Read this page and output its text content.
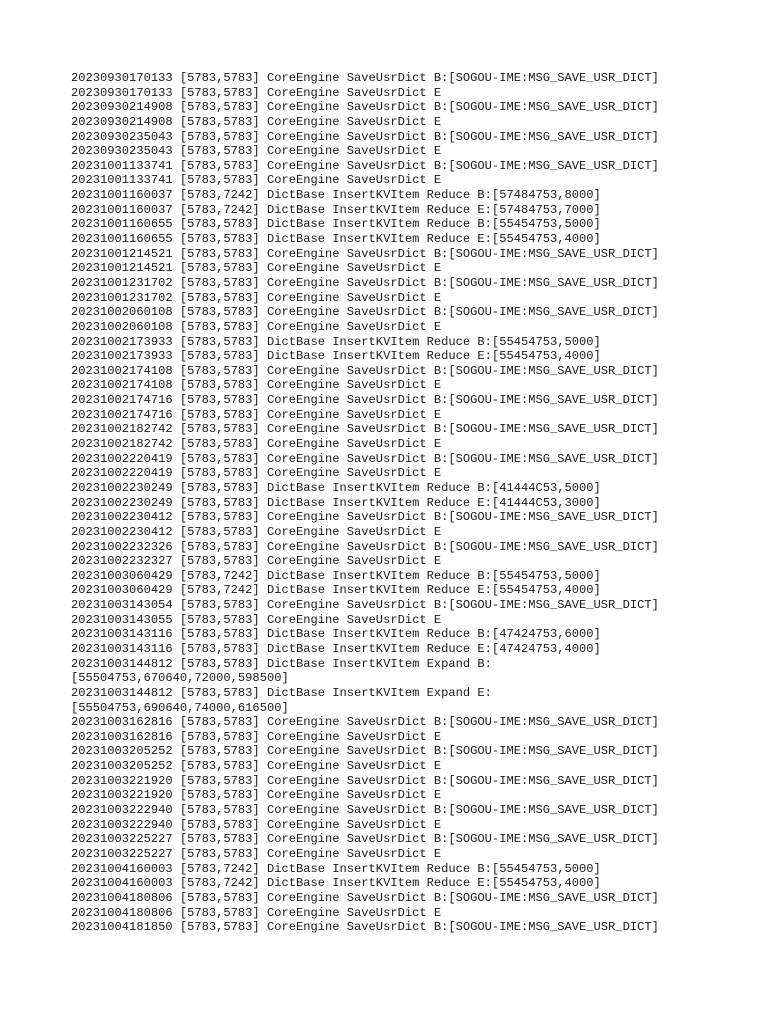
20230930170133 [5783,5783] CoreEngine SaveUsrDict B:[SOGOU-IME:MSG_SAVE_USR_DICT]
20230930170133 [5783,5783] CoreEngine SaveUsrDict E
20230930214908 [5783,5783] CoreEngine SaveUsrDict B:[SOGOU-IME:MSG_SAVE_USR_DICT]
20230930214908 [5783,5783] CoreEngine SaveUsrDict E
20230930235043 [5783,5783] CoreEngine SaveUsrDict B:[SOGOU-IME:MSG_SAVE_USR_DICT]
20230930235043 [5783,5783] CoreEngine SaveUsrDict E
20231001133741 [5783,5783] CoreEngine SaveUsrDict B:[SOGOU-IME:MSG_SAVE_USR_DICT]
20231001133741 [5783,5783] CoreEngine SaveUsrDict E
20231001160037 [5783,7242] DictBase InsertKVItem Reduce B:[57484753,8000]
20231001160037 [5783,7242] DictBase InsertKVItem Reduce E:[57484753,7000]
20231001160655 [5783,5783] DictBase InsertKVItem Reduce B:[55454753,5000]
20231001160655 [5783,5783] DictBase InsertKVItem Reduce E:[55454753,4000]
20231001214521 [5783,5783] CoreEngine SaveUsrDict B:[SOGOU-IME:MSG_SAVE_USR_DICT]
20231001214521 [5783,5783] CoreEngine SaveUsrDict E
20231001231702 [5783,5783] CoreEngine SaveUsrDict B:[SOGOU-IME:MSG_SAVE_USR_DICT]
20231001231702 [5783,5783] CoreEngine SaveUsrDict E
20231002060108 [5783,5783] CoreEngine SaveUsrDict B:[SOGOU-IME:MSG_SAVE_USR_DICT]
20231002060108 [5783,5783] CoreEngine SaveUsrDict E
20231002173933 [5783,5783] DictBase InsertKVItem Reduce B:[55454753,5000]
20231002173933 [5783,5783] DictBase InsertKVItem Reduce E:[55454753,4000]
20231002174108 [5783,5783] CoreEngine SaveUsrDict B:[SOGOU-IME:MSG_SAVE_USR_DICT]
20231002174108 [5783,5783] CoreEngine SaveUsrDict E
20231002174716 [5783,5783] CoreEngine SaveUsrDict B:[SOGOU-IME:MSG_SAVE_USR_DICT]
20231002174716 [5783,5783] CoreEngine SaveUsrDict E
20231002182742 [5783,5783] CoreEngine SaveUsrDict B:[SOGOU-IME:MSG_SAVE_USR_DICT]
20231002182742 [5783,5783] CoreEngine SaveUsrDict E
20231002220419 [5783,5783] CoreEngine SaveUsrDict B:[SOGOU-IME:MSG_SAVE_USR_DICT]
20231002220419 [5783,5783] CoreEngine SaveUsrDict E
20231002230249 [5783,5783] DictBase InsertKVItem Reduce B:[41444C53,5000]
20231002230249 [5783,5783] DictBase InsertKVItem Reduce E:[41444C53,3000]
20231002230412 [5783,5783] CoreEngine SaveUsrDict B:[SOGOU-IME:MSG_SAVE_USR_DICT]
20231002230412 [5783,5783] CoreEngine SaveUsrDict E
20231002232326 [5783,5783] CoreEngine SaveUsrDict B:[SOGOU-IME:MSG_SAVE_USR_DICT]
20231002232327 [5783,5783] CoreEngine SaveUsrDict E
20231003060429 [5783,7242] DictBase InsertKVItem Reduce B:[55454753,5000]
20231003060429 [5783,7242] DictBase InsertKVItem Reduce E:[55454753,4000]
20231003143054 [5783,5783] CoreEngine SaveUsrDict B:[SOGOU-IME:MSG_SAVE_USR_DICT]
20231003143055 [5783,5783] CoreEngine SaveUsrDict E
20231003143116 [5783,5783] DictBase InsertKVItem Reduce B:[47424753,6000]
20231003143116 [5783,5783] DictBase InsertKVItem Reduce E:[47424753,4000]
20231003144812 [5783,5783] DictBase InsertKVItem Expand B:
[55504753,670640,72000,598500]
20231003144812 [5783,5783] DictBase InsertKVItem Expand E:
[55504753,690640,74000,616500]
20231003162816 [5783,5783] CoreEngine SaveUsrDict B:[SOGOU-IME:MSG_SAVE_USR_DICT]
20231003162816 [5783,5783] CoreEngine SaveUsrDict E
20231003205252 [5783,5783] CoreEngine SaveUsrDict B:[SOGOU-IME:MSG_SAVE_USR_DICT]
20231003205252 [5783,5783] CoreEngine SaveUsrDict E
20231003221920 [5783,5783] CoreEngine SaveUsrDict B:[SOGOU-IME:MSG_SAVE_USR_DICT]
20231003221920 [5783,5783] CoreEngine SaveUsrDict E
20231003222940 [5783,5783] CoreEngine SaveUsrDict B:[SOGOU-IME:MSG_SAVE_USR_DICT]
20231003222940 [5783,5783] CoreEngine SaveUsrDict E
20231003225227 [5783,5783] CoreEngine SaveUsrDict B:[SOGOU-IME:MSG_SAVE_USR_DICT]
20231003225227 [5783,5783] CoreEngine SaveUsrDict E
20231004160003 [5783,7242] DictBase InsertKVItem Reduce B:[55454753,5000]
20231004160003 [5783,7242] DictBase InsertKVItem Reduce E:[55454753,4000]
20231004180806 [5783,5783] CoreEngine SaveUsrDict B:[SOGOU-IME:MSG_SAVE_USR_DICT]
20231004180806 [5783,5783] CoreEngine SaveUsrDict E
20231004181850 [5783,5783] CoreEngine SaveUsrDict B:[SOGOU-IME:MSG_SAVE_USR_DICT]
